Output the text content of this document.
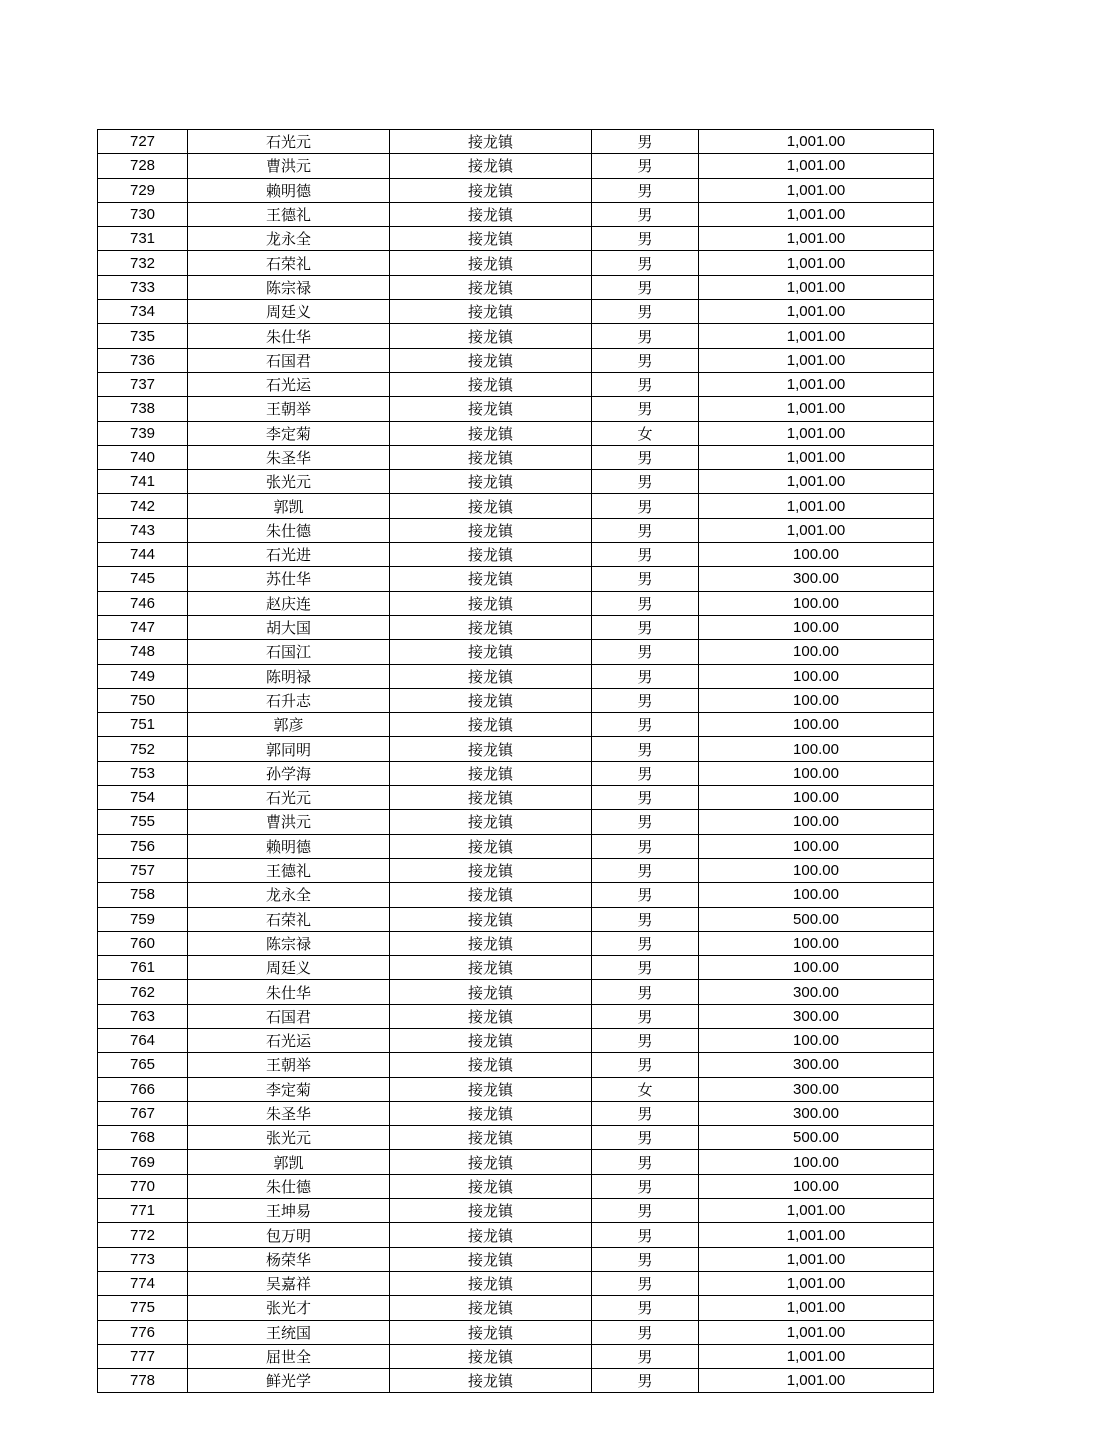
727	石光元	接龙镇	男	1,001.00
728	曹洪元	接龙镇	男	1,001.00
729	赖明德	接龙镇	男	1,001.00
730	王德礼	接龙镇	男	1,001.00
731	龙永全	接龙镇	男	1,001.00
732	石荣礼	接龙镇	男	1,001.00
733	陈宗禄	接龙镇	男	1,001.00
734	周廷义	接龙镇	男	1,001.00
735	朱仕华	接龙镇	男	1,001.00
736	石国君	接龙镇	男	1,001.00
737	石光运	接龙镇	男	1,001.00
738	王朝举	接龙镇	男	1,001.00
739	李定菊	接龙镇	女	1,001.00
740	朱圣华	接龙镇	男	1,001.00
741	张光元	接龙镇	男	1,001.00
742	郭凯	接龙镇	男	1,001.00
743	朱仕德	接龙镇	男	1,001.00
744	石光进	接龙镇	男	100.00
745	苏仕华	接龙镇	男	300.00
746	赵庆连	接龙镇	男	100.00
747	胡大国	接龙镇	男	100.00
748	石国江	接龙镇	男	100.00
749	陈明禄	接龙镇	男	100.00
750	石升志	接龙镇	男	100.00
751	郭彦	接龙镇	男	100.00
752	郭同明	接龙镇	男	100.00
753	孙学海	接龙镇	男	100.00
754	石光元	接龙镇	男	100.00
755	曹洪元	接龙镇	男	100.00
756	赖明德	接龙镇	男	100.00
757	王德礼	接龙镇	男	100.00
758	龙永全	接龙镇	男	100.00
759	石荣礼	接龙镇	男	500.00
760	陈宗禄	接龙镇	男	100.00
761	周廷义	接龙镇	男	100.00
762	朱仕华	接龙镇	男	300.00
763	石国君	接龙镇	男	300.00
764	石光运	接龙镇	男	100.00
765	王朝举	接龙镇	男	300.00
766	李定菊	接龙镇	女	300.00
767	朱圣华	接龙镇	男	300.00
768	张光元	接龙镇	男	500.00
769	郭凯	接龙镇	男	100.00
770	朱仕德	接龙镇	男	100.00
771	王坤易	接龙镇	男	1,001.00
772	包万明	接龙镇	男	1,001.00
773	杨荣华	接龙镇	男	1,001.00
774	吴嘉祥	接龙镇	男	1,001.00
775	张光才	接龙镇	男	1,001.00
776	王统国	接龙镇	男	1,001.00
777	屈世全	接龙镇	男	1,001.00
778	鲜光学	接龙镇	男	1,001.00
